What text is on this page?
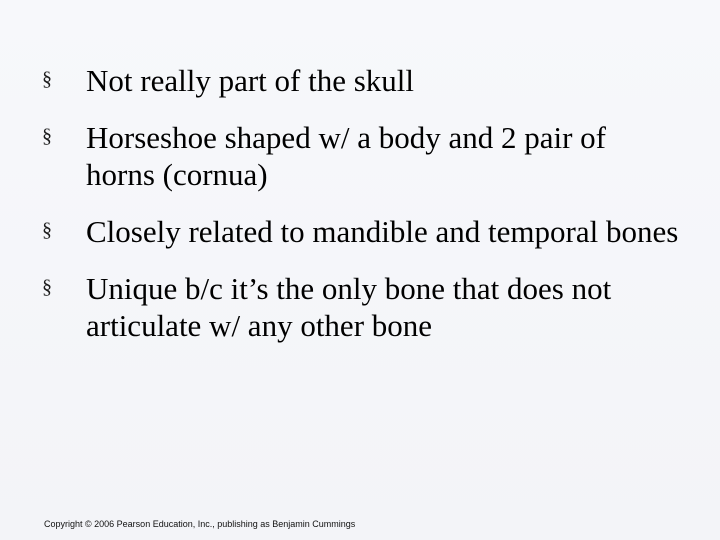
§ Not really part of the skull
§ Horseshoe shaped w/ a body and 2 pair of horns (cornua)
§ Closely related to mandible and temporal bones
§ Unique b/c it’s the only bone that does not articulate w/ any other bone
Copyright © 2006 Pearson Education, Inc., publishing as Benjamin Cummings
